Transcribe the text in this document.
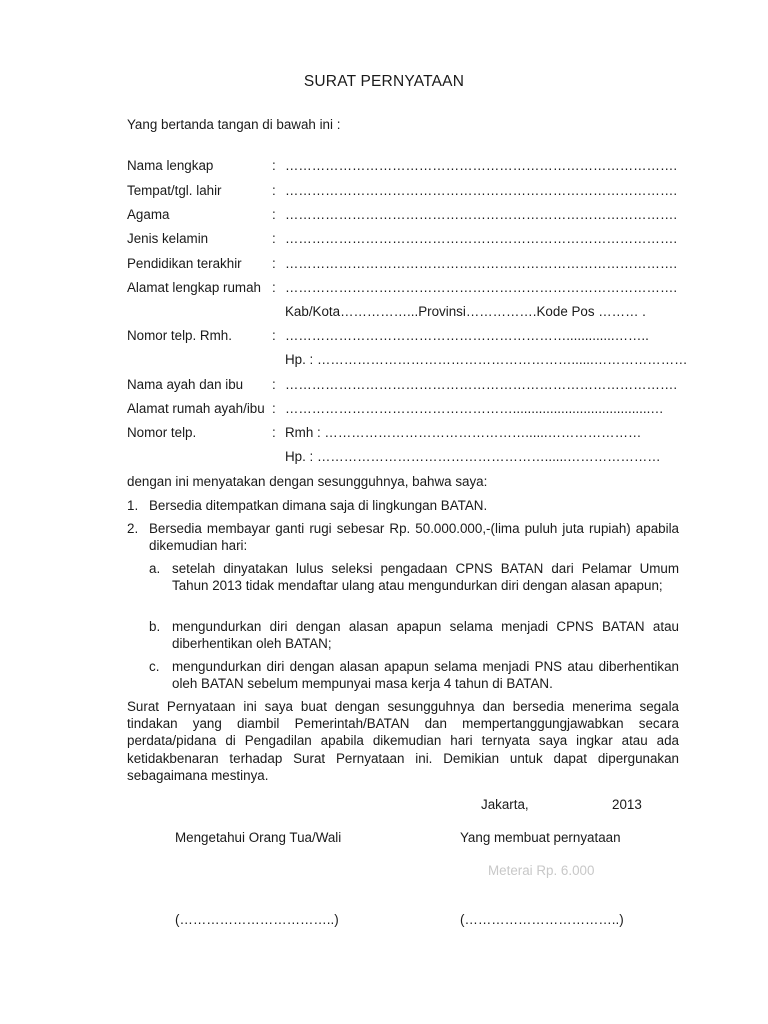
SURAT PERNYATAAN
Yang bertanda tangan di bawah ini :
Nama lengkap	: …………………………………………………………………………….
Tempat/tgl. lahir	: …………………………………………………………………………….
Agama	: …………………………………………………………………………….
Jenis kelamin	: …………………………………………………………………………….
Pendidikan terakhir : …………………………………………………………………………….
Alamat lengkap rumah : …………………………………………………………………………….
Kab/Kota……………...Provinsi…………….Kode Pos ……… .
Nomor telp. Rmh.	: ……………………………………………………….............……..
Hp. : …………………………………………………......…………………
Nama ayah dan ibu : …………………………………………………………………………….
Alamat rumah ayah/ibu : …………………………………………….....................................…
Nomor telp.	: Rmh : ………………………………………......…………………
Hp. : ……………………………………………......…………………
dengan ini menyatakan dengan sesungguhnya, bahwa saya:
1. Bersedia ditempatkan dimana saja di lingkungan BATAN.
2. Bersedia membayar ganti rugi sebesar Rp. 50.000.000,-(lima puluh juta rupiah) apabila dikemudian hari:
a. setelah dinyatakan lulus seleksi pengadaan CPNS BATAN dari Pelamar Umum Tahun 2013 tidak mendaftar ulang atau mengundurkan diri dengan alasan apapun;
b. mengundurkan diri dengan alasan apapun selama menjadi CPNS BATAN atau diberhentikan oleh BATAN;
c. mengundurkan diri dengan alasan apapun selama menjadi PNS atau diberhentikan oleh BATAN sebelum mempunyai masa kerja 4 tahun di BATAN.
Surat Pernyataan ini saya buat dengan sesungguhnya dan bersedia menerima segala tindakan yang diambil Pemerintah/BATAN dan mempertanggungjawabkan secara perdata/pidana di Pengadilan apabila dikemudian hari ternyata saya ingkar atau ada ketidakbenaran terhadap Surat Pernyataan ini. Demikian untuk dapat dipergunakan sebagaimana mestinya.
Jakarta,	2013
Mengetahui Orang Tua/Wali	Yang membuat pernyataan
Meterai Rp. 6.000
(……………………………..)	(……………………………..)
